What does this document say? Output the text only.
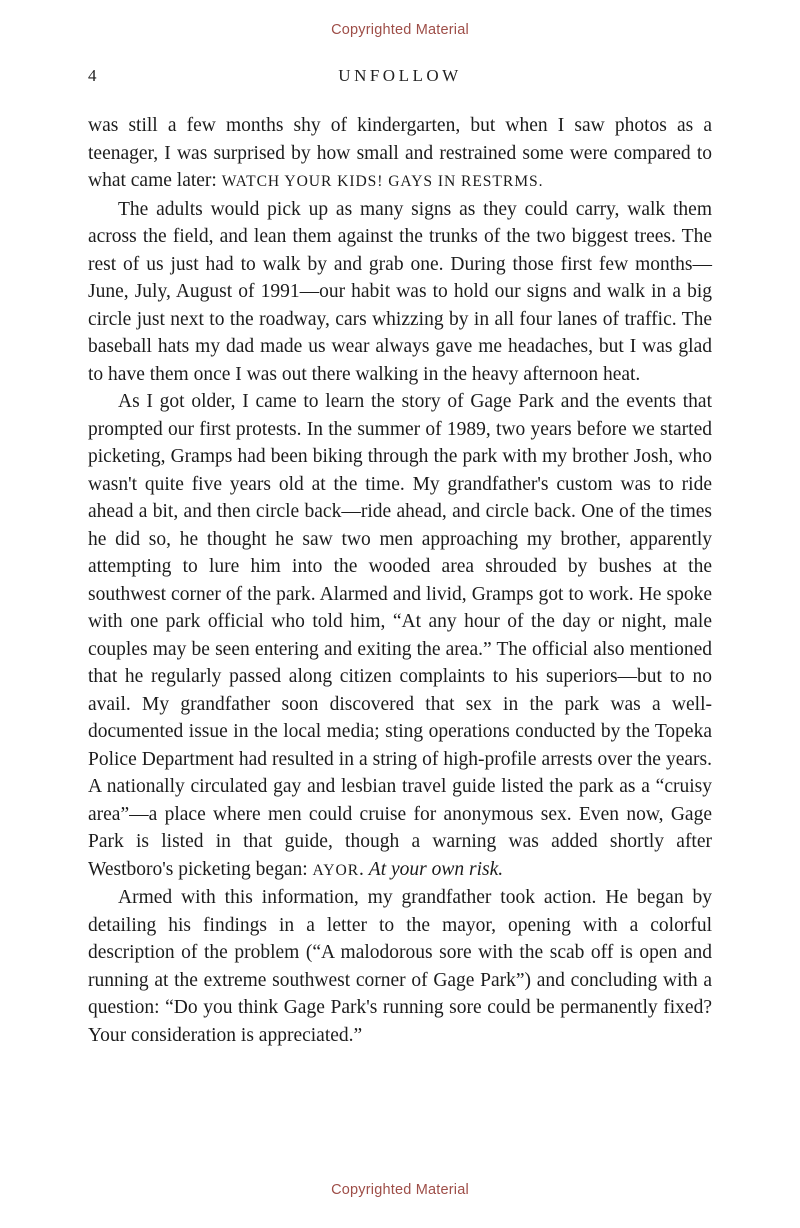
Copyrighted Material
4	UNFOLLOW

was still a few months shy of kindergarten, but when I saw photos as a teenager, I was surprised by how small and restrained some were compared to what came later: WATCH YOUR KIDS! GAYS IN RESTRMS.

The adults would pick up as many signs as they could carry, walk them across the field, and lean them against the trunks of the two biggest trees. The rest of us just had to walk by and grab one. During those first few months—June, July, August of 1991—our habit was to hold our signs and walk in a big circle just next to the roadway, cars whizzing by in all four lanes of traffic. The baseball hats my dad made us wear always gave me headaches, but I was glad to have them once I was out there walking in the heavy afternoon heat.

As I got older, I came to learn the story of Gage Park and the events that prompted our first protests. In the summer of 1989, two years before we started picketing, Gramps had been biking through the park with my brother Josh, who wasn't quite five years old at the time. My grandfather's custom was to ride ahead a bit, and then circle back—ride ahead, and circle back. One of the times he did so, he thought he saw two men approaching my brother, apparently attempting to lure him into the wooded area shrouded by bushes at the southwest corner of the park. Alarmed and livid, Gramps got to work. He spoke with one park official who told him, “At any hour of the day or night, male couples may be seen entering and exiting the area.” The official also mentioned that he regularly passed along citizen complaints to his superiors—but to no avail. My grandfather soon discovered that sex in the park was a well-documented issue in the local media; sting operations conducted by the Topeka Police Department had resulted in a string of high-profile arrests over the years. A nationally circulated gay and lesbian travel guide listed the park as a “cruisy area”—a place where men could cruise for anonymous sex. Even now, Gage Park is listed in that guide, though a warning was added shortly after Westboro's picketing began: AYOR. At your own risk.

Armed with this information, my grandfather took action. He began by detailing his findings in a letter to the mayor, opening with a colorful description of the problem (“A malodorous sore with the scab off is open and running at the extreme southwest corner of Gage Park”) and concluding with a question: “Do you think Gage Park's running sore could be permanently fixed? Your consideration is appreciated.”

Copyrighted Material
